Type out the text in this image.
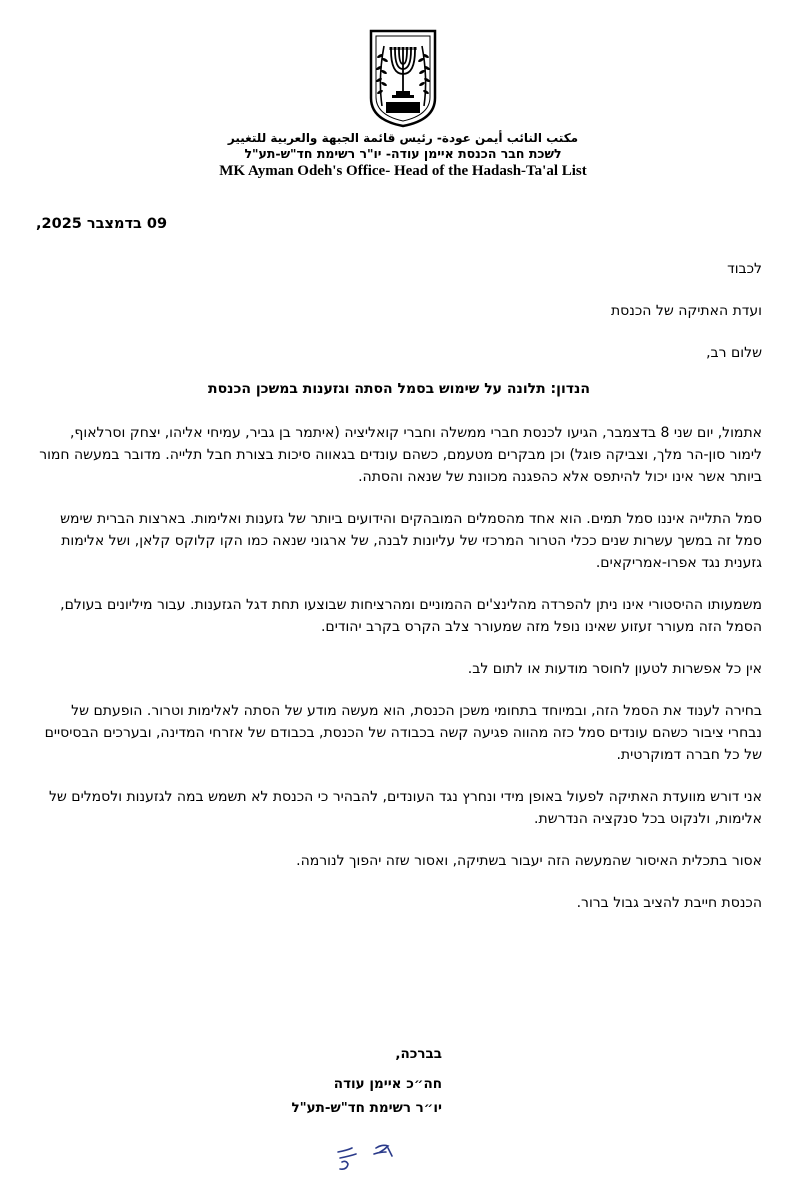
مكتب النائب أيمن عودة- رئيس قائمة الجبهة والعربية للتغيير

לשכת חבר הכנסת איימן עודה- יו"ר רשימת חד"ש-תע"ל

MK Ayman Odeh's Office- Head of the Hadash-Ta'al List

09 בדמצבר 2025,

לכבוד

ועדת האתיקה של הכנסת

שלום רב,

הנדון: תלונה על שימוש בסמל הסתה וגזענות במשכן הכנסת

אתמול, יום שני 8 בדצמבר, הגיעו לכנסת חברי ממשלה וחברי קואליציה (איתמר בן גביר, עמיחי אליהו, יצחק וסרלאוף, לימור סון-הר מלך, וצביקה פוגל) וכן מבקרים מטעמם, כשהם עונדים בגאווה סיכות בצורת חבל תלייה. מדובר במעשה חמור ביותר אשר אינו יכול להיתפס אלא כהפגנה מכוונת של שנאה והסתה.

סמל התלייה איננו סמל תמים. הוא אחד מהסמלים המובהקים והידועים ביותר של גזענות ואלימות. בארצות הברית שימש סמל זה במשך עשרות שנים ככלי הטרור המרכזי של עליונות לבנה, של ארגוני שנאה כמו הקו קלוקס קלאן, ושל אלימות גזענית נגד אפרו-אמריקאים.

משמעותו ההיסטורי אינו ניתן להפרדה מהלינצ'ים ההמוניים ומהרציחות שבוצעו תחת דגל הגזענות. עבור מיליונים בעולם, הסמל הזה מעורר זעזוע שאינו נופל מזה שמעורר צלב הקרס בקרב יהודים.

אין כל אפשרות לטעון לחוסר מודעות או לתום לב.

בחירה לענוד את הסמל הזה, ובמיוחד בתחומי משכן הכנסת, הוא מעשה מודע של הסתה לאלימות וטרור. הופעתם של נבחרי ציבור כשהם עונדים סמל כזה מהווה פגיעה קשה בכבודה של הכנסת, בכבודם של אזרחי המדינה, ובערכים הבסיסיים של כל חברה דמוקרטית.

אני דורש מוועדת האתיקה לפעול באופן מידי ונחרץ נגד העונדים, להבהיר כי הכנסת לא תשמש במה לגזענות ולסמלים של אלימות, ולנקוט בכל סנקציה הנדרשת.

אסור בתכלית האיסור שהמעשה הזה יעבור בשתיקה, ואסור שזה יהפוך לנורמה.

הכנסת חייבת להציב גבול ברור.

בברכה,

חה״כ איימן עודה

יו״ר רשימת חד"ש-תע"ל
